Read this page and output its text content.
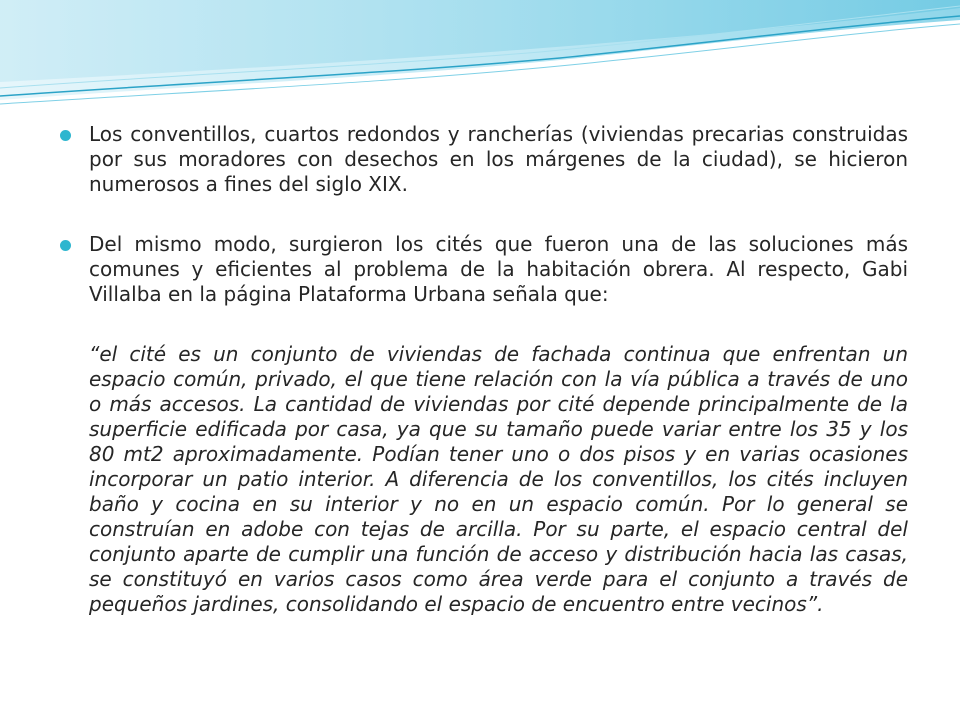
Los conventillos, cuartos redondos y rancherías (viviendas precarias construidas por sus moradores con desechos en los márgenes de la ciudad), se hicieron numerosos a fines del siglo XIX.
Del mismo modo, surgieron los cités que fueron una de las soluciones más comunes y eficientes al problema de la habitación obrera. Al respecto, Gabi Villalba en la página Plataforma Urbana señala que:
“el cité es un conjunto de viviendas de fachada continua que enfrentan un espacio común, privado, el que tiene relación con la vía pública a través de uno o más accesos. La cantidad de viviendas por cité depende principalmente de la superficie edificada por casa, ya que su tamaño puede variar entre los 35 y los 80 mt2 aproximadamente. Podían tener uno o dos pisos y en varias ocasiones incorporar un patio interior. A diferencia de los conventillos, los cités incluyen baño y cocina en su interior y no en un espacio común. Por lo general se construían en adobe con tejas de arcilla. Por su parte, el espacio central del conjunto aparte de cumplir una función de acceso y distribución hacia las casas, se constituyó en varios casos como área verde para el conjunto a través de pequeños jardines, consolidando el espacio de encuentro entre vecinos”.
